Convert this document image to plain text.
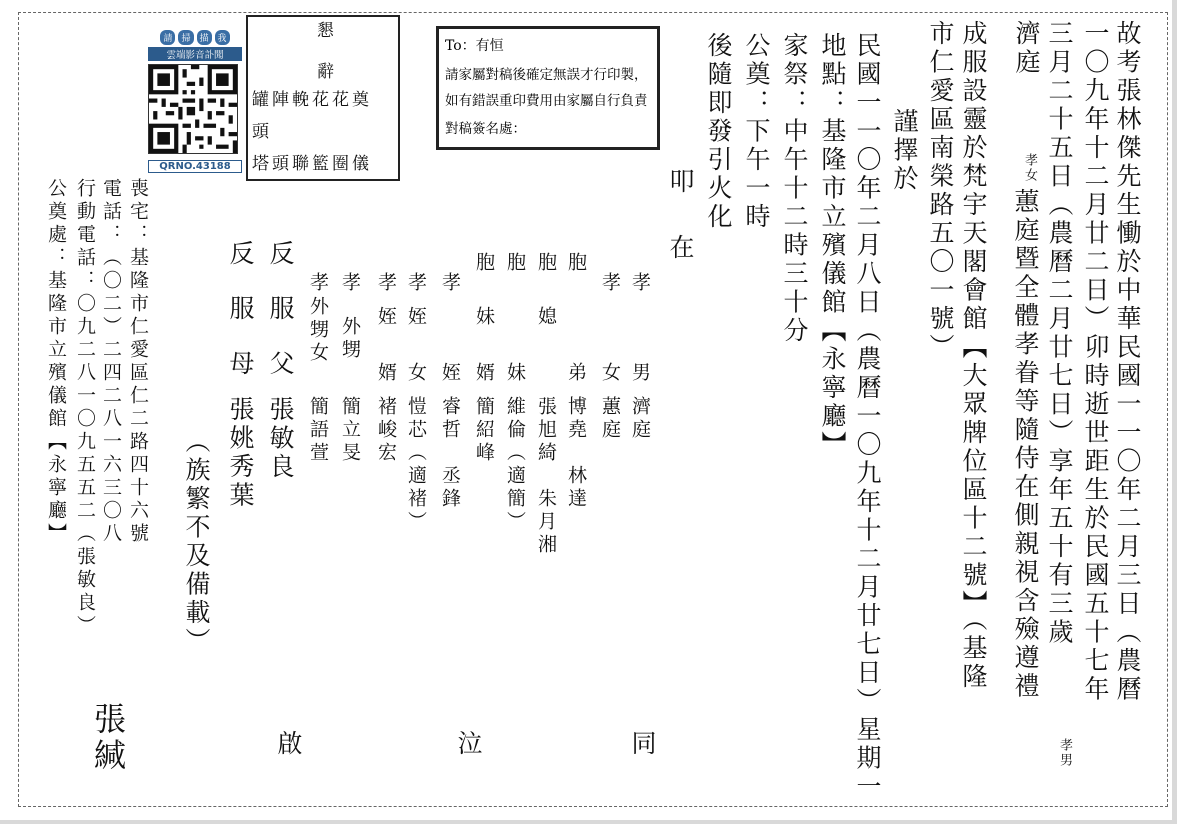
故考張林傑先生慟於中華民國一一〇年二月三日（農曆
一〇九年十二月廿二日）卯時逝世距生於民國五十七年
三月二十五日（農曆二月廿七日）享年五十有三歲
孝男
濟庭
孝女
蕙庭暨全體孝眷等隨侍在側親視含殮遵禮
成服設靈於梵宇天閣會館【大眾牌位區十二號】（基隆
市仁愛區南榮路五〇一號）
謹擇於
民國一一〇年二月八日（農曆一〇九年十二月廿七日）星期一
地點：基隆市立殯儀館【永寧廳】
家祭：中午十二時三十分
公奠：下午一時
後隨即發引火化
叩
在
孝
男
濟庭
孝
女
蕙庭
胞
弟
博堯　林達
胞
媳
張旭綺　朱月湘
胞
妹
維倫（適簡）
胞
妹
婿
簡紹峰
孝
姪
睿哲　丞鋒
孝
姪
女
愷芯（適褚）
孝
姪
婿
褚峻宏
孝
外甥
簡立旻
孝
外甥女
簡語萱
反服父
張敏良
反服母
張姚秀葉
（族繁不及備載）
同
泣
啟
喪宅：基隆市仁愛區仁二路四十六號
電話：（〇二）二四二八一六三〇八
行動電話：〇九二八一〇九五五二（張敏良）
公奠處：基隆市立殯儀館【永寧廳】
張緘
請	掃	描	我
雲端影音訃聞
QRNO.43188
懇辭
罐陣輓花花奠
頭
塔頭聯籃圈儀
To：有恒
請家屬對稿後確定無誤才行印製，
如有錯誤重印費用由家屬自行負責
對稿簽名處：
